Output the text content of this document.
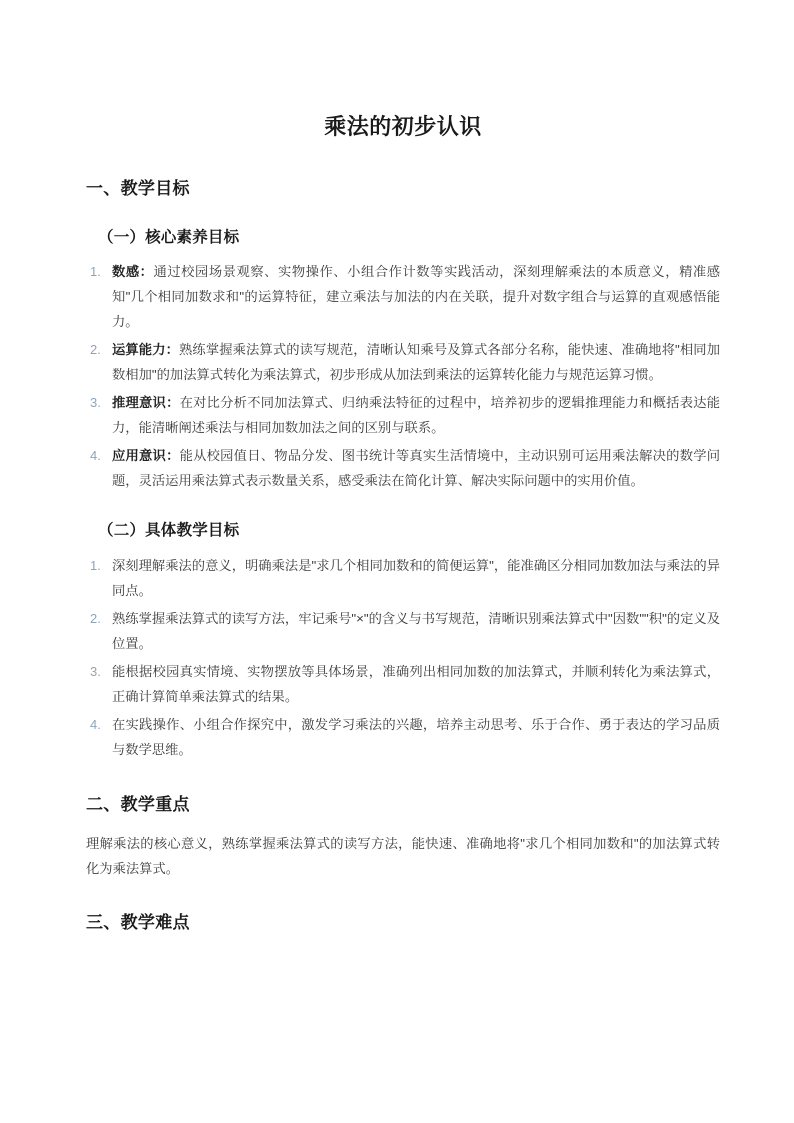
乘法的初步认识
一、教学目标
（一）核心素养目标
数感：通过校园场景观察、实物操作、小组合作计数等实践活动，深刻理解乘法的本质意义，精准感知"几个相同加数求和"的运算特征，建立乘法与加法的内在关联，提升对数字组合与运算的直观感悟能力。
运算能力：熟练掌握乘法算式的读写规范，清晰认知乘号及算式各部分名称，能快速、准确地将"相同加数相加"的加法算式转化为乘法算式，初步形成从加法到乘法的运算转化能力与规范运算习惯。
推理意识：在对比分析不同加法算式、归纳乘法特征的过程中，培养初步的逻辑推理能力和概括表达能力，能清晰阐述乘法与相同加数加法之间的区别与联系。
应用意识：能从校园值日、物品分发、图书统计等真实生活情境中，主动识别可运用乘法解决的数学问题，灵活运用乘法算式表示数量关系，感受乘法在简化计算、解决实际问题中的实用价值。
（二）具体教学目标
深刻理解乘法的意义，明确乘法是"求几个相同加数和的简便运算"，能准确区分相同加数加法与乘法的异同点。
熟练掌握乘法算式的读写方法，牢记乘号"×"的含义与书写规范，清晰识别乘法算式中"因数""积"的定义及位置。
能根据校园真实情境、实物摆放等具体场景，准确列出相同加数的加法算式，并顺利转化为乘法算式，正确计算简单乘法算式的结果。
在实践操作、小组合作探究中，激发学习乘法的兴趣，培养主动思考、乐于合作、勇于表达的学习品质与数学思维。
二、教学重点

理解乘法的核心意义，熟练掌握乘法算式的读写方法，能快速、准确地将"求几个相同加数和"的加法算式转化为乘法算式。

三、教学难点
